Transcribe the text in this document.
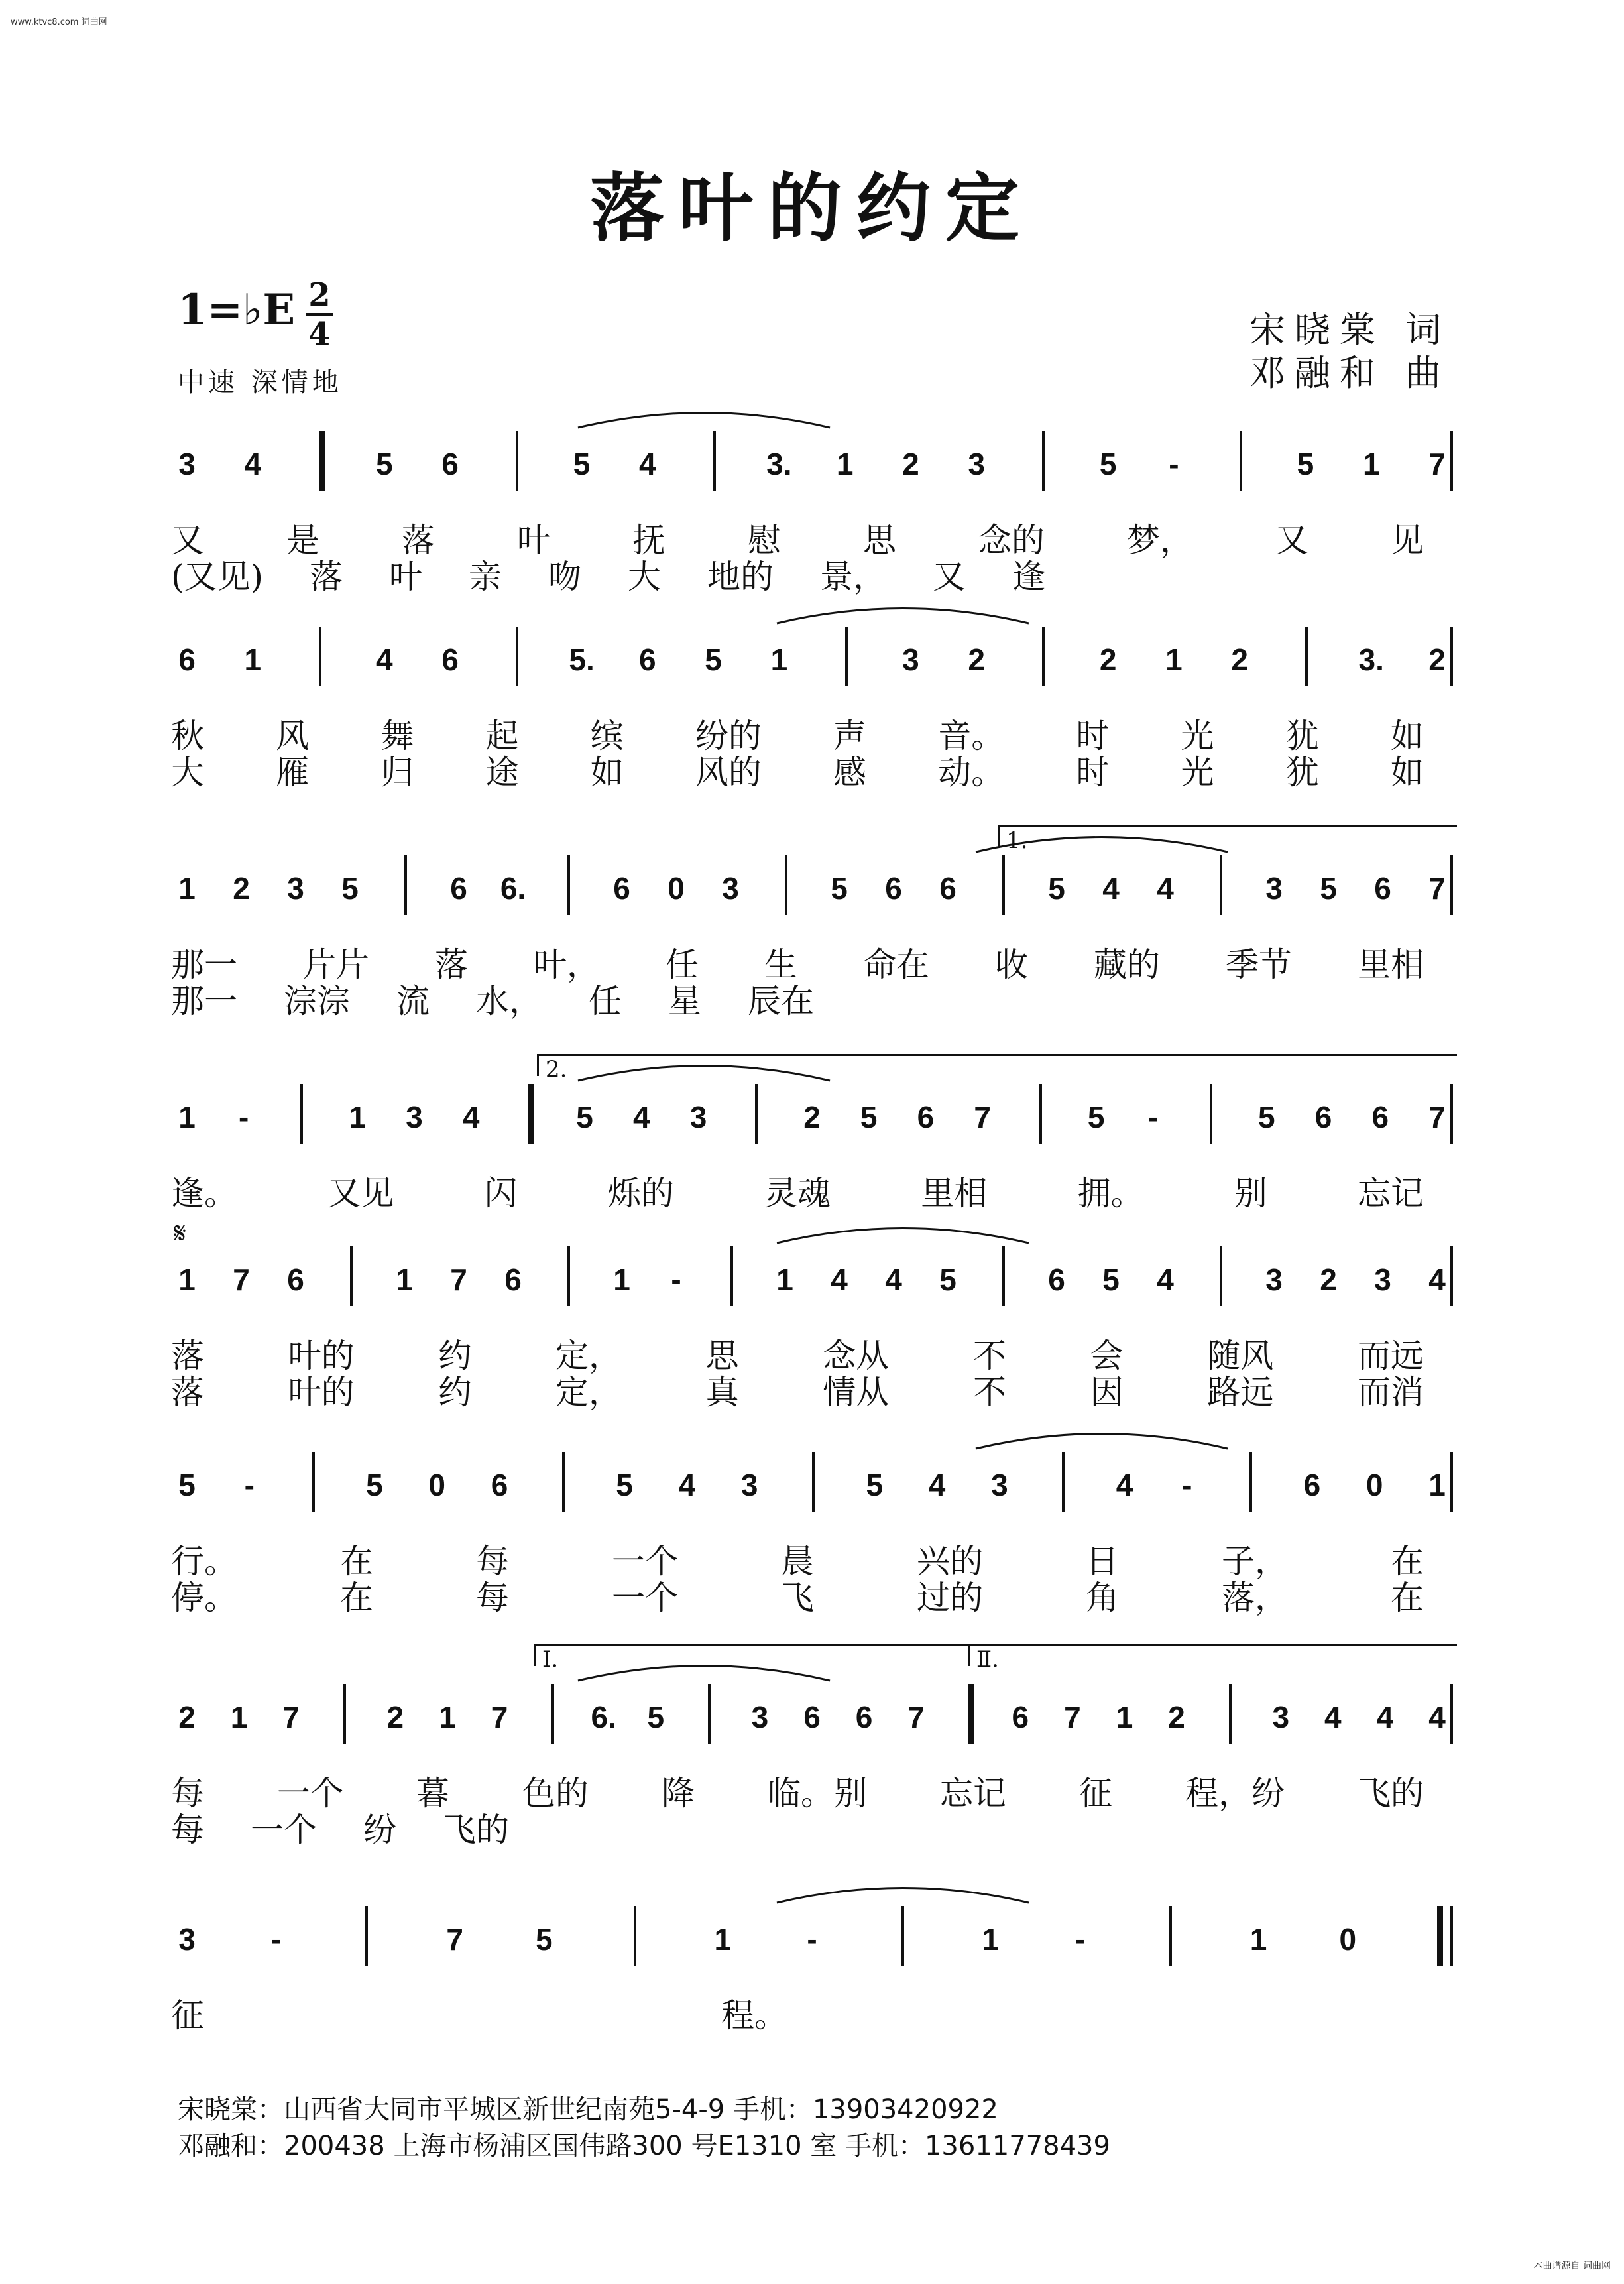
www.ktvc8.com 词曲网
落叶的约定
1=♭E 2
4
中速 深情地
宋晓棠 词
邓融和 曲
3 4	5 6	5 4	3. 1 2 3	5 -	5 1 7
又 是 落 叶 抚 慰 思 念的 梦， 又 见
(又见) 落 叶 亲 吻 大 地的 景， 又 逢
6 1	4 6	5. 6 5 1	3 2	2 1 2	3. 2
秋 风 舞 起 缤 纷的 声 音。 时 光 犹 如
大 雁 归 途 如 风的 感 动。 时 光 犹 如
1 2 3 5	6 6.	6 0 3	5 6 6	5 4 4	3 5 6 7
那一 片片 落 叶， 任 生 命在 收 藏的 季节 里相
那一 淙淙 流 水， 任 星 辰在
1 -	1 3 4	5 4 3	2 5 6 7	5 -	5 6 6 7
逢。	又见	闪	烁的	灵魂	里相	拥。	别	忘记
1 7 6	1 7 6	1 -	1 4 4 5	6 5 4	3 2 3 4
落	叶的	约	定，	思	念从	不	会	随风	而远
落	叶的	约	定，	真	情从	不	因	路远	而消
5 -	5 0 6	5 4 3	5 4 3	4 -	6 0 1
行。	在	每	一个	晨	兴的	日	子，	在
停。	在	每	一个	飞	过的	角	落，	在
2 1 7	2 1 7	6. 5	3 6 6 7	6 7 1 2	3 4 4 4
每 一个 暮 色的 降 临。别 忘记 征 程，纷 飞的
每 一个 纷 飞的
3 -	7 5	1 -	1 -	1 0
征	程。
1.
2.
Ⅰ.	Ⅱ.
𝄋
宋晓棠：山西省大同市平城区新世纪南苑5-4-9 手机：13903420922
邓融和：200438 上海市杨浦区国伟路300 号E1310 室 手机：13611778439
本曲谱源自 词曲网
